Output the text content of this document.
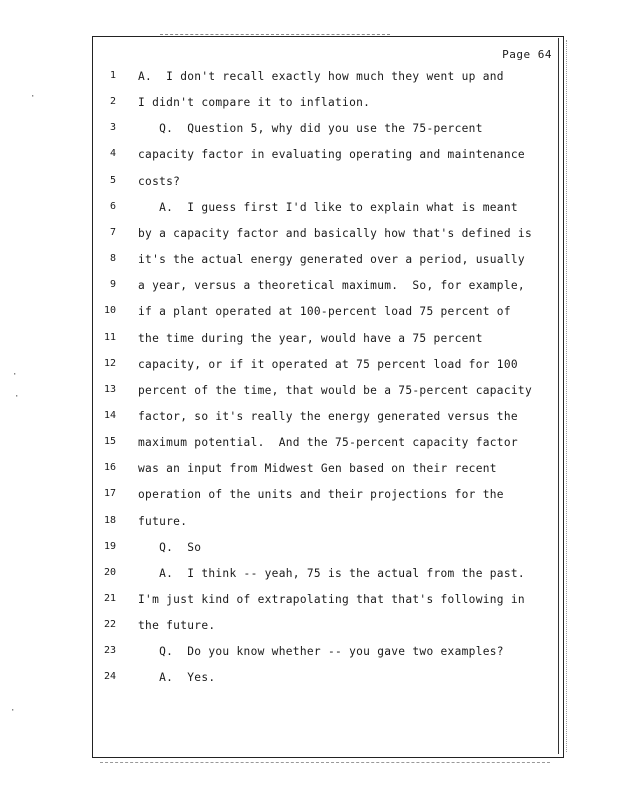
·
·
·
·
Page 64
1 A.  I don't recall exactly how much they went up and
2 I didn't compare it to inflation.
3 Q.  Question 5, why did you use the 75-percent
4 capacity factor in evaluating operating and maintenance
5 costs?
6 A.  I guess first I'd like to explain what is meant
7 by a capacity factor and basically how that's defined is
8 it's the actual energy generated over a period, usually
9 a year, versus a theoretical maximum.  So, for example,
10 if a plant operated at 100-percent load 75 percent of
11 the time during the year, would have a 75 percent
12 capacity, or if it operated at 75 percent load for 100
13 percent of the time, that would be a 75-percent capacity
14 factor, so it's really the energy generated versus the
15 maximum potential.  And the 75-percent capacity factor
16 was an input from Midwest Gen based on their recent
17 operation of the units and their projections for the
18 future.
19 Q.  So
20 A.  I think -- yeah, 75 is the actual from the past.
21 I'm just kind of extrapolating that that's following in
22 the future.
23 Q.  Do you know whether -- you gave two examples?
24 A.  Yes.
